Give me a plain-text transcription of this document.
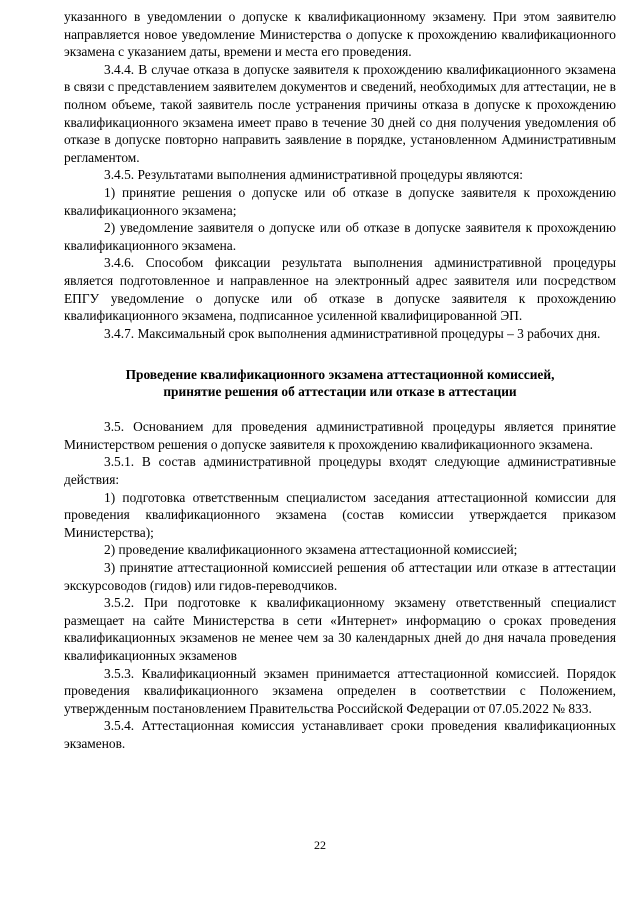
указанного в уведомлении о допуске к квалификационному экзамену. При этом заявителю направляется новое уведомление Министерства о допуске к прохождению квалификационного экзамена с указанием даты, времени и места его проведения.

3.4.4. В случае отказа в допуске заявителя к прохождению квалификационного экзамена в связи с представлением заявителем документов и сведений, необходимых для аттестации, не в полном объеме, такой заявитель после устранения причины отказа в допуске к прохождению квалификационного экзамена имеет право в течение 30 дней со дня получения уведомления об отказе в допуске повторно направить заявление в порядке, установленном Административным регламентом.

3.4.5. Результатами выполнения административной процедуры являются:

1) принятие решения о допуске или об отказе в допуске заявителя к прохождению квалификационного экзамена;

2) уведомление заявителя о допуске или об отказе в допуске заявителя к прохождению квалификационного экзамена.

3.4.6. Способом фиксации результата выполнения административной процедуры является подготовленное и направленное на электронный адрес заявителя или посредством ЕПГУ уведомление о допуске или об отказе в допуске заявителя к прохождению квалификационного экзамена, подписанное усиленной квалифицированной ЭП.

3.4.7. Максимальный срок выполнения административной процедуры – 3 рабочих дня.

Проведение квалификационного экзамена аттестационной комиссией,
принятие решения об аттестации или отказе в аттестации

3.5. Основанием для проведения административной процедуры является принятие Министерством решения о допуске заявителя к прохождению квалификационного экзамена.

3.5.1. В состав административной процедуры входят следующие административные действия:

1) подготовка ответственным специалистом заседания аттестационной комиссии для проведения квалификационного экзамена (состав комиссии утверждается приказом Министерства);

2) проведение квалификационного экзамена аттестационной комиссией;

3) принятие аттестационной комиссией решения об аттестации или отказе в аттестации экскурсоводов (гидов) или гидов-переводчиков.

3.5.2. При подготовке к квалификационному экзамену ответственный специалист размещает на сайте Министерства в сети «Интернет» информацию о сроках проведения квалификационных экзаменов не менее чем за 30 календарных дней до дня начала проведения квалификационных экзаменов

3.5.3. Квалификационный экзамен принимается аттестационной комиссией. Порядок проведения квалификационного экзамена определен в соответствии с Положением, утвержденным постановлением Правительства Российской Федерации от 07.05.2022 № 833.

3.5.4. Аттестационная комиссия устанавливает сроки проведения квалификационных экзаменов.

22
